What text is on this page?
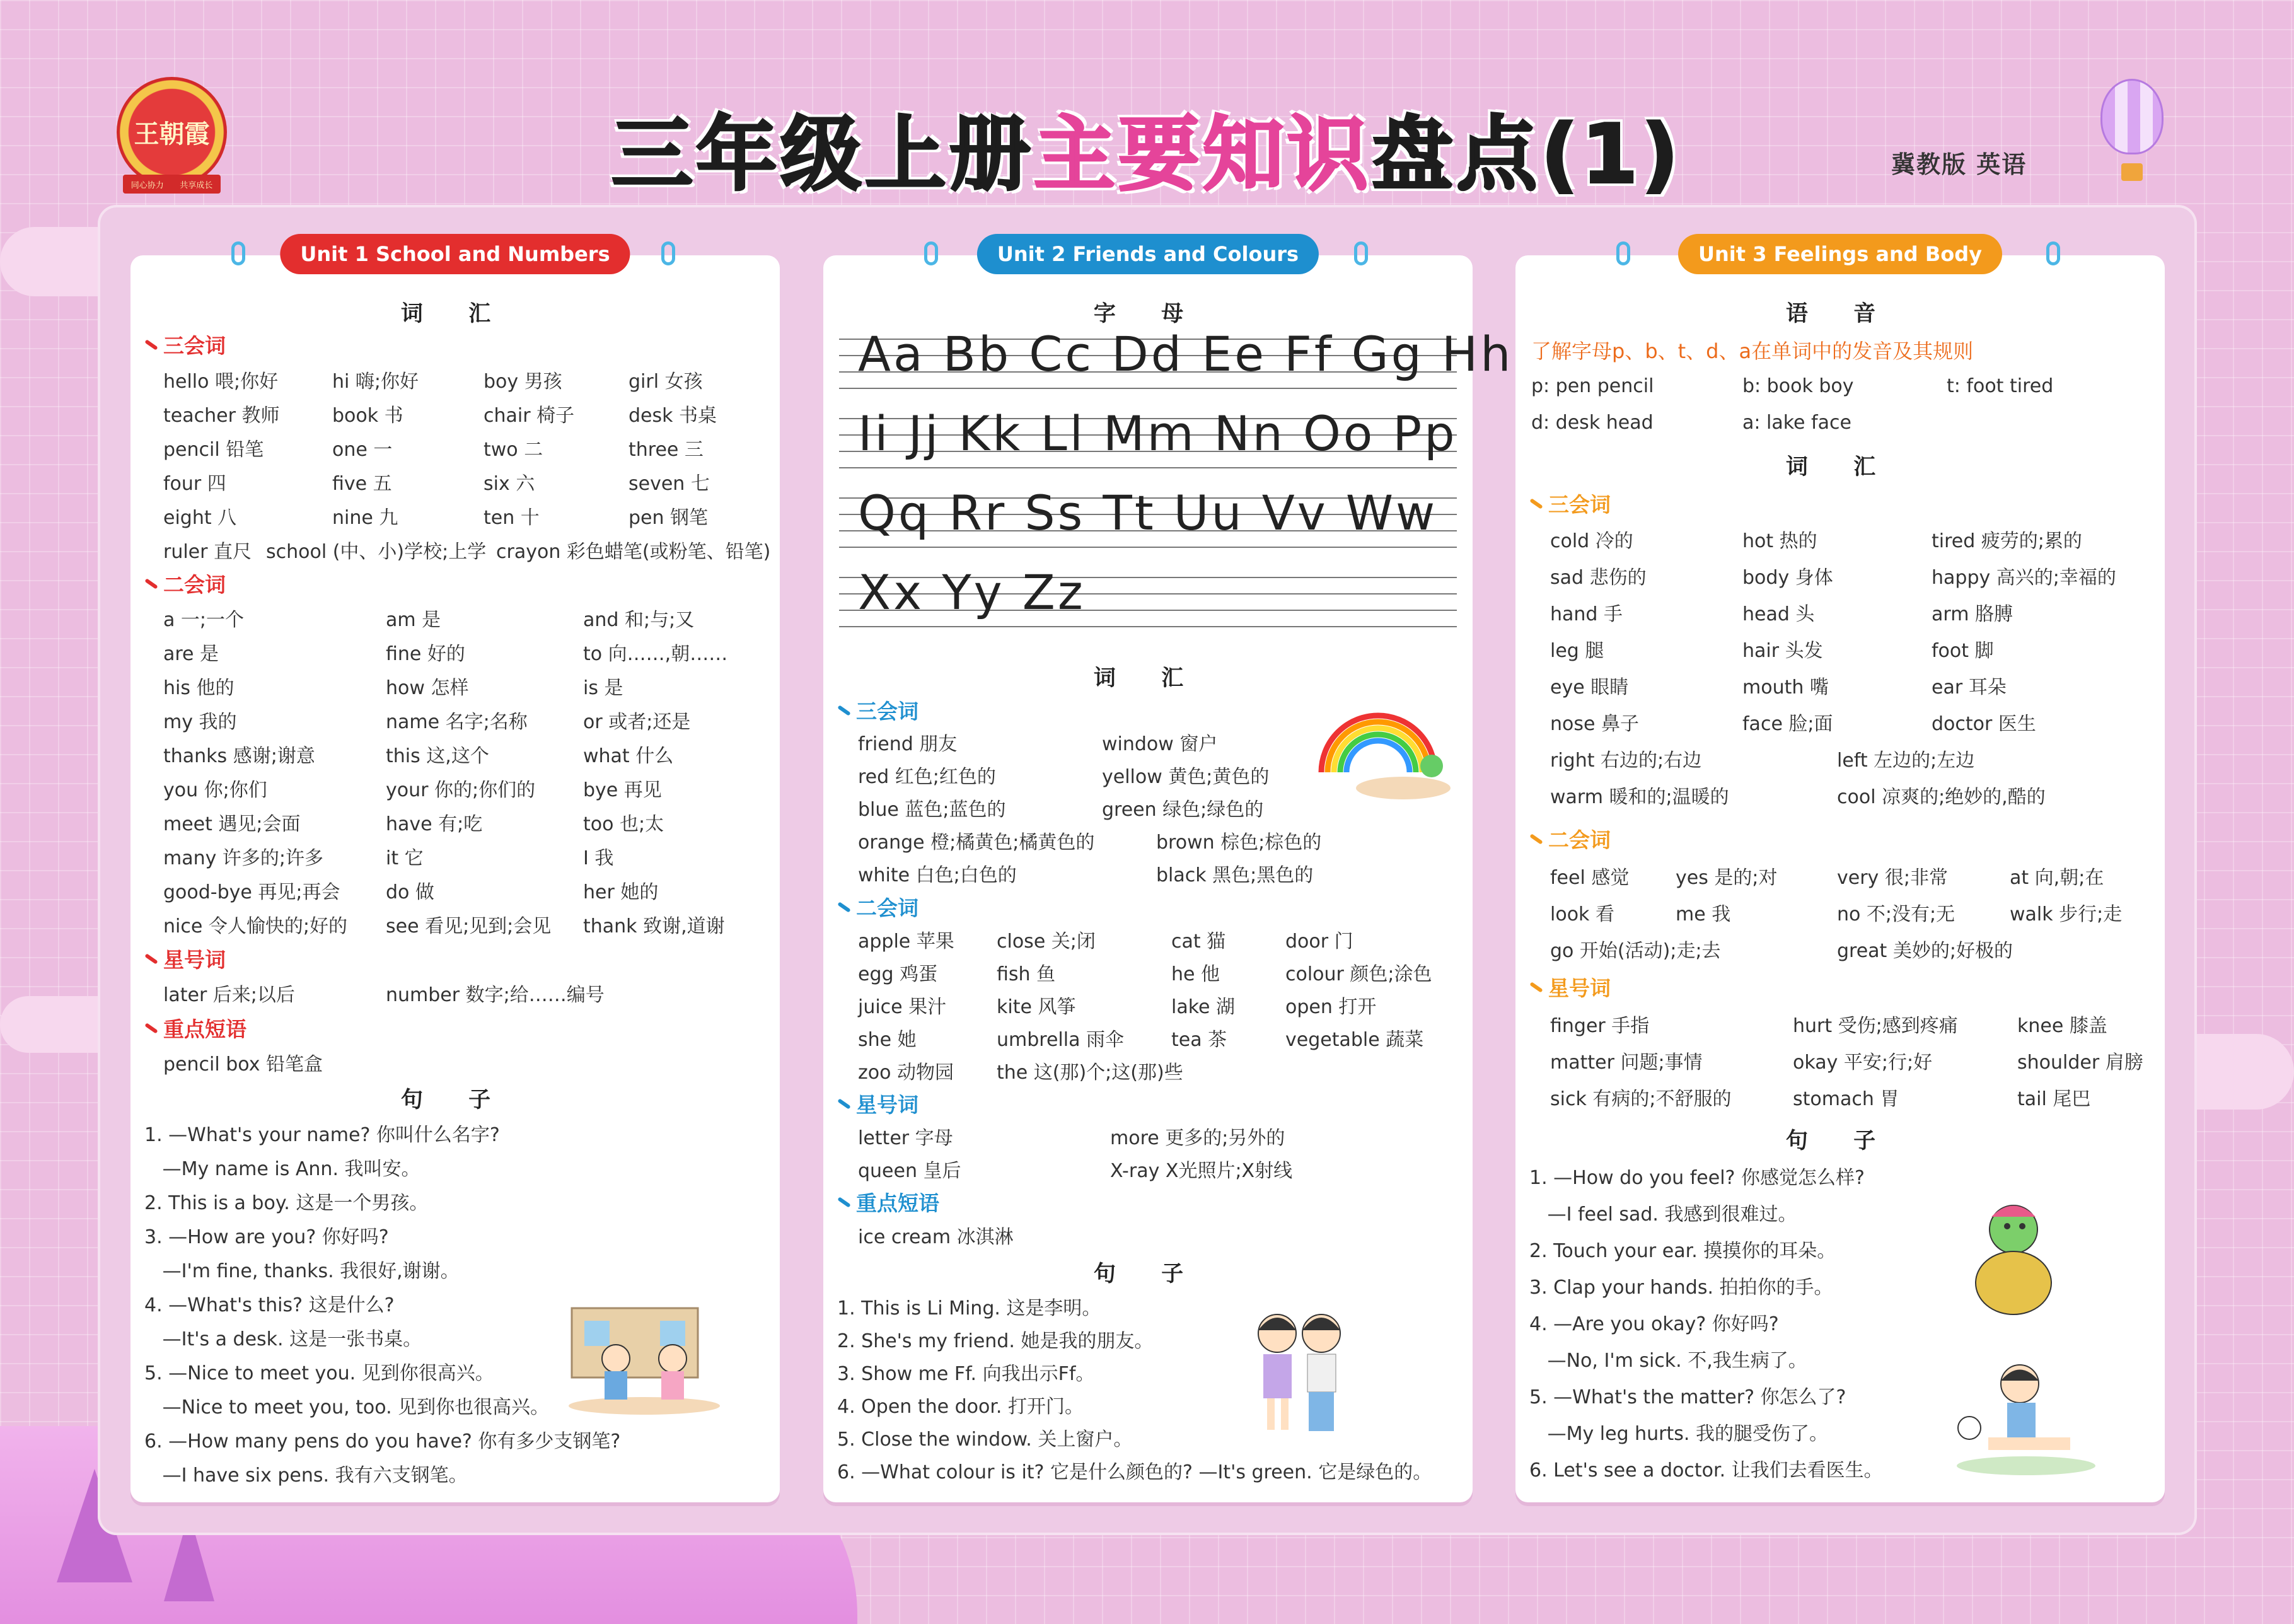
王朝霞
同心协力 共享成长	三年级上册主要知识盘点(1)	冀教版 英语
Unit 1 School and Numbers
词 汇
三会词
hello 喂;你好	hi 嗨;你好	boy 男孩	girl 女孩
teacher 教师	book 书	chair 椅子	desk 书桌
pencil 铅笔	one 一	two 二	three 三
four 四	five 五	six 六	seven 七
eight 八	nine 九	ten 十	pen 钢笔
ruler 直尺 school (中、小)学校;上学 crayon 彩色蜡笔(或粉笔、铅笔)
二会词
a 一;一个	am 是	and 和;与;又
are 是	fine 好的	to 向……,朝……
his 他的	how 怎样	is 是
my 我的	name 名字;名称	or 或者;还是
thanks 感谢;谢意	this 这,这个	what 什么
you 你;你们	your 你的;你们的	bye 再见
meet 遇见;会面	have 有;吃	too 也;太
many 许多的;许多	it 它	I 我
good-bye 再见;再会 do 做	her 她的
nice 令人愉快的;好的 see 看见;见到;会见 thank 致谢,道谢
星号词
later 后来;以后	number 数字;给……编号
重点短语
pencil box 铅笔盒
句 子
1. —What's your name? 你叫什么名字?
—My name is Ann. 我叫安。
2. This is a boy. 这是一个男孩。
3. —How are you? 你好吗?
—I'm fine, thanks. 我很好,谢谢。
4. —What's this? 这是什么?
—It's a desk. 这是一张书桌。
5. —Nice to meet you. 见到你很高兴。
—Nice to meet you, too. 见到你也很高兴。
6. —How many pens do you have? 你有多少支钢笔?
—I have six pens. 我有六支钢笔。
Unit 2 Friends and Colours
字 母
Aa Bb Cc Dd Ee Ff Gg Hh
Ii Jj Kk Ll Mm Nn Oo Pp
Qq Rr Ss Tt Uu Vv Ww
Xx Yy Zz
词 汇
三会词
friend 朋友	window 窗户
red 红色;红色的	yellow 黄色;黄色的
blue 蓝色;蓝色的	green 绿色;绿色的
orange 橙;橘黄色;橘黄色的	brown 棕色;棕色的
white 白色;白色的	black 黑色;黑色的
二会词
apple 苹果 close 关;闭	cat 猫	door 门
egg 鸡蛋	fish 鱼	he 他	colour 颜色;涂色
juice 果汁	kite 风筝	lake 湖	open 打开
she 她	umbrella 雨伞 tea 茶	vegetable 蔬菜
zoo 动物园 the 这(那)个;这(那)些
星号词
letter 字母	more 更多的;另外的
queen 皇后	X-ray X光照片;X射线
重点短语
ice cream 冰淇淋
句 子
1. This is Li Ming. 这是李明。
2. She's my friend. 她是我的朋友。
3. Show me Ff. 向我出示Ff。
4. Open the door. 打开门。
5. Close the window. 关上窗户。
6. —What colour is it? 它是什么颜色的? —It's green. 它是绿色的。
Unit 3 Feelings and Body
语 音
了解字母p、b、t、d、a在单词中的发音及其规则
p: pen pencil	b: book boy	t: foot tired
d: desk head	a: lake face
词 汇
三会词
cold 冷的	hot 热的	tired 疲劳的;累的
sad 悲伤的	body 身体	happy 高兴的;幸福的
hand 手	head 头	arm 胳膊
leg 腿	hair 头发	foot 脚
eye 眼睛	mouth 嘴	ear 耳朵
nose 鼻子	face 脸;面	doctor 医生
right 右边的;右边	left 左边的;左边
warm 暖和的;温暖的	cool 凉爽的;绝妙的,酷的
二会词
feel 感觉 yes 是的;对	very 很;非常	at 向,朝;在
look 看	me 我	no 不;没有;无	walk 步行;走
go 开始(活动);走;去	great 美妙的;好极的
星号词
finger 手指	hurt 受伤;感到疼痛	knee 膝盖
matter 问题;事情	okay 平安;行;好	shoulder 肩膀
sick 有病的;不舒服的	stomach 胃	tail 尾巴
句 子
1. —How do you feel? 你感觉怎么样?
—I feel sad. 我感到很难过。
2. Touch your ear. 摸摸你的耳朵。
3. Clap your hands. 拍拍你的手。
4. —Are you okay? 你好吗?
—No, I'm sick. 不,我生病了。
5. —What's the matter? 你怎么了?
—My leg hurts. 我的腿受伤了。
6. Let's see a doctor. 让我们去看医生。
